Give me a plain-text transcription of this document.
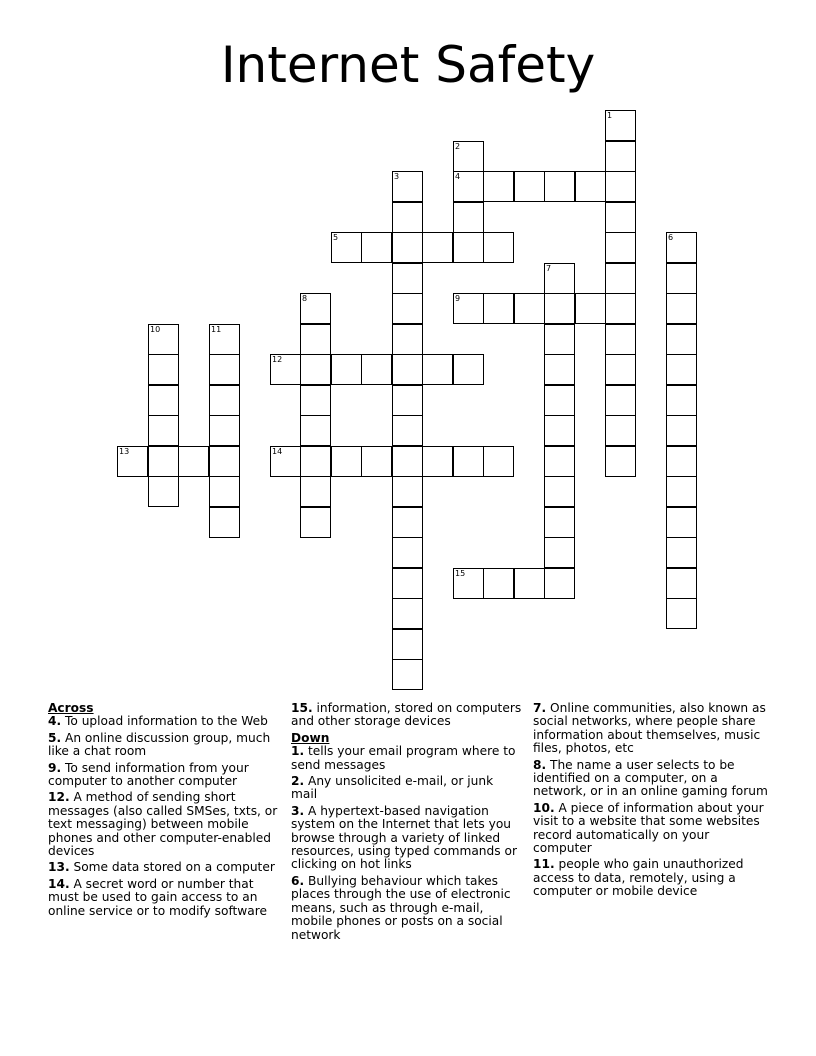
Internet Safety
1
2
4
3
5	6
7
8	9
10	11
12
13	14
15

Across

4. To upload information to the Web

5. An online discussion group, much like a chat room

9. To send information from your computer to another computer

12. A method of sending short messages (also called SMSes, txts, or text messaging) between mobile phones and other computer-enabled devices

13. Some data stored on a computer

14. A secret word or number that must be used to gain access to an online service or to modify software

15. information, stored on computers and other storage devices

Down

1. tells your email program where to send messages

2. Any unsolicited e-mail, or junk mail

3. A hypertext-based navigation system on the Internet that lets you browse through a variety of linked resources, using typed commands or clicking on hot links

6. Bullying behaviour which takes places through the use of electronic means, such as through e-mail, mobile phones or posts on a social network

7. Online communities, also known as social networks, where people share information about themselves, music files, photos, etc

8. The name a user selects to be identified on a computer, on a network, or in an online gaming forum

10. A piece of information about your visit to a website that some websites record automatically on your computer

11. people who gain unauthorized access to data, remotely, using a computer or mobile device
